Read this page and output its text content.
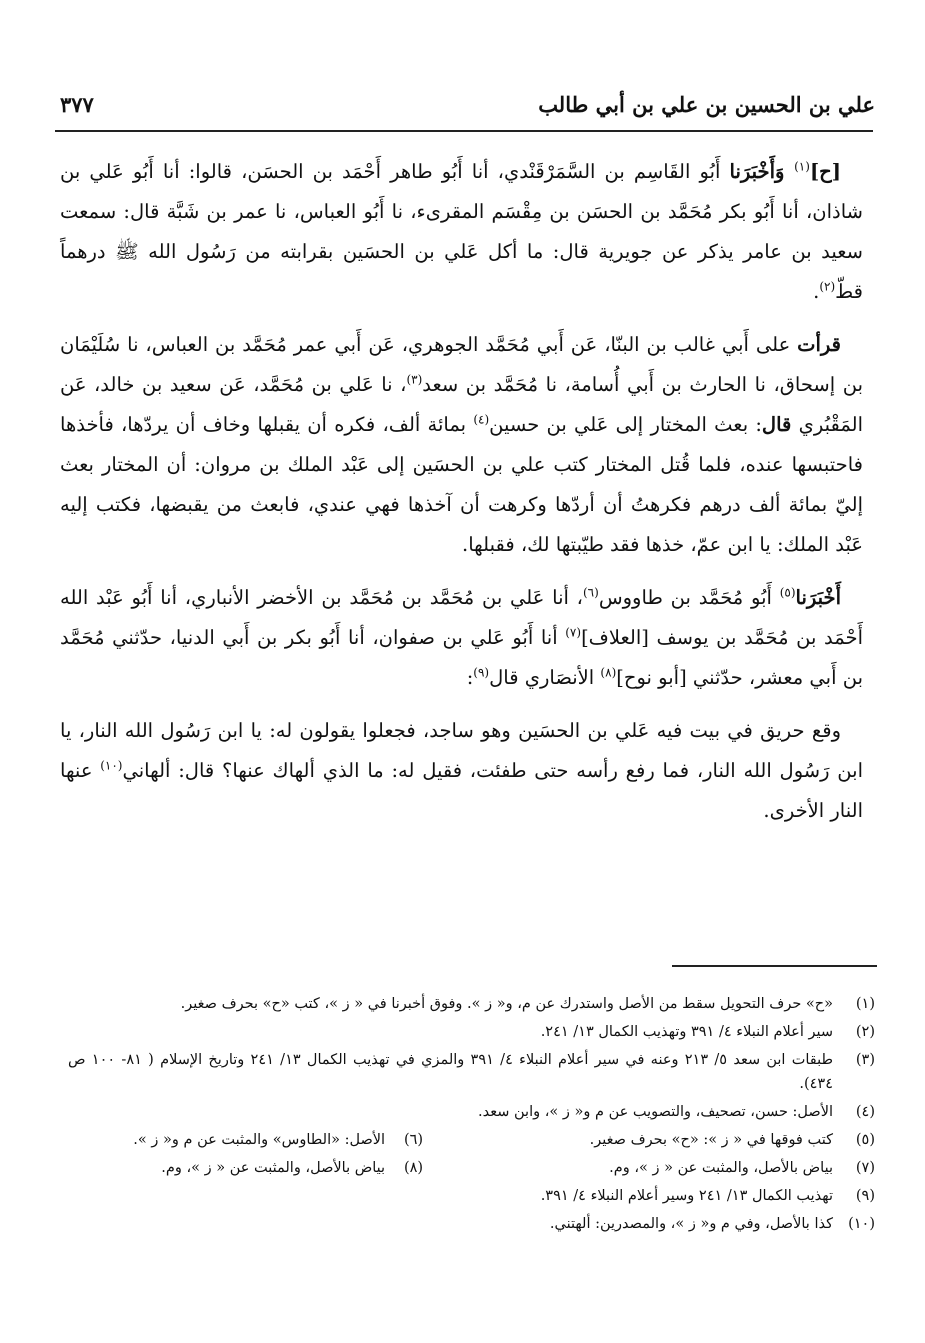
علي بن الحسين بن علي بن أبي طالب
٣٧٧

[ح]$^{(١)}$ وَأَخْبَرَنا أَبُو القَاسِم بن السَّمَرْقَنْدي، أنا أَبُو طاهر أَحْمَد بن الحسَن، قالوا: أنا أَبُو عَلي بن شاذان، أنا أَبُو بكر مُحَمَّد بن الحسَن بن مِقْسَم المقرىء، نا أَبُو العباس، نا عمر بن شَبَّة قال: سمعت سعيد بن عامر يذكر عن جويرية قال: ما أكل عَلي بن الحسَين بقرابته من رَسُول الله ﷺ درهماً قطّ$^{(٢)}$.

قرأت على أَبي غالب بن البنّا، عَن أَبي مُحَمَّد الجوهري، عَن أَبي عمر مُحَمَّد بن العباس، نا سُلَيْمَان بن إسحاق، نا الحارث بن أَبي أُسامة، نا مُحَمَّد بن سعد$^{(٣)}$، نا عَلي بن مُحَمَّد، عَن سعيد بن خالد، عَن المَقْبُري قال: بعث المختار إلى عَلي بن حسين$^{(٤)}$ بمائة ألف، فكره أن يقبلها وخاف أن يردّها، فأخذها فاحتبسها عنده، فلما قُتل المختار كتب علي بن الحسَين إلى عَبْد الملك بن مروان: أن المختار بعث إليّ بمائة ألف درهم فكرهتُ أن أردّها وكرهت أن آخذها فهي عندي، فابعث من يقبضها، فكتب إليه عَبْد الملك: يا ابن عمّ، خذها فقد طيّبتها لك، فقبلها.

أَخْبَرَنا$^{(٥)}$ أَبُو مُحَمَّد بن طاووس$^{(٦)}$، أنا عَلي بن مُحَمَّد بن مُحَمَّد بن الأخضر الأنباري، أنا أَبُو عَبْد الله أَحْمَد بن مُحَمَّد بن يوسف [العلاف]$^{(٧)}$ أنا أَبُو عَلي بن صفوان، أنا أَبُو بكر بن أَبي الدنيا، حدّثني مُحَمَّد بن أَبي معشر، حدّثني [أبو نوح]$^{(٨)}$ الأنصَاري قال$^{(٩)}$:

وقع حريق في بيت فيه عَلي بن الحسَين وهو ساجد، فجعلوا يقولون له: يا ابن رَسُول الله النار، يا ابن رَسُول الله النار، فما رفع رأسه حتى طفئت، فقيل له: ما الذي ألهاك عنها؟ قال: ألهاني$^{(١٠)}$ عنها النار الأخرى.

(١)
«ح» حرف التحويل سقط من الأصل واستدرك عن م، و« ز ». وفوق أخبرنا في « ز »، كتب «ح» بحرف صغير.
(٢)
سير أعلام النبلاء ٤/ ٣٩١ وتهذيب الكمال ١٣/ ٢٤١.
(٣)
طبقات ابن سعد ٥/ ٢١٣ وعنه في سير أعلام النبلاء ٤/ ٣٩١ والمزي في تهذيب الكمال ١٣/ ٢٤١ وتاريخ الإسلام ( ٨١- ١٠٠ ص ٤٣٤).
(٤)
الأصل: حسن، تصحيف، والتصويب عن م و« ز »، وابن سعد.
(٥)
كتب فوقها في « ز »: «ح» بحرف صغير.
(٦)
الأصل: «الطاوس» والمثبت عن م و« ز ».
(٧)
بياض بالأصل، والمثبت عن « ز »، وم.
(٨)
بياض بالأصل، والمثبت عن « ز »، وم.
(٩)
تهذيب الكمال ١٣/ ٢٤١ وسير أعلام النبلاء ٤/ ٣٩١.
(١٠)
كذا بالأصل، وفي م و« ز »، والمصدرين: ألهتني.
